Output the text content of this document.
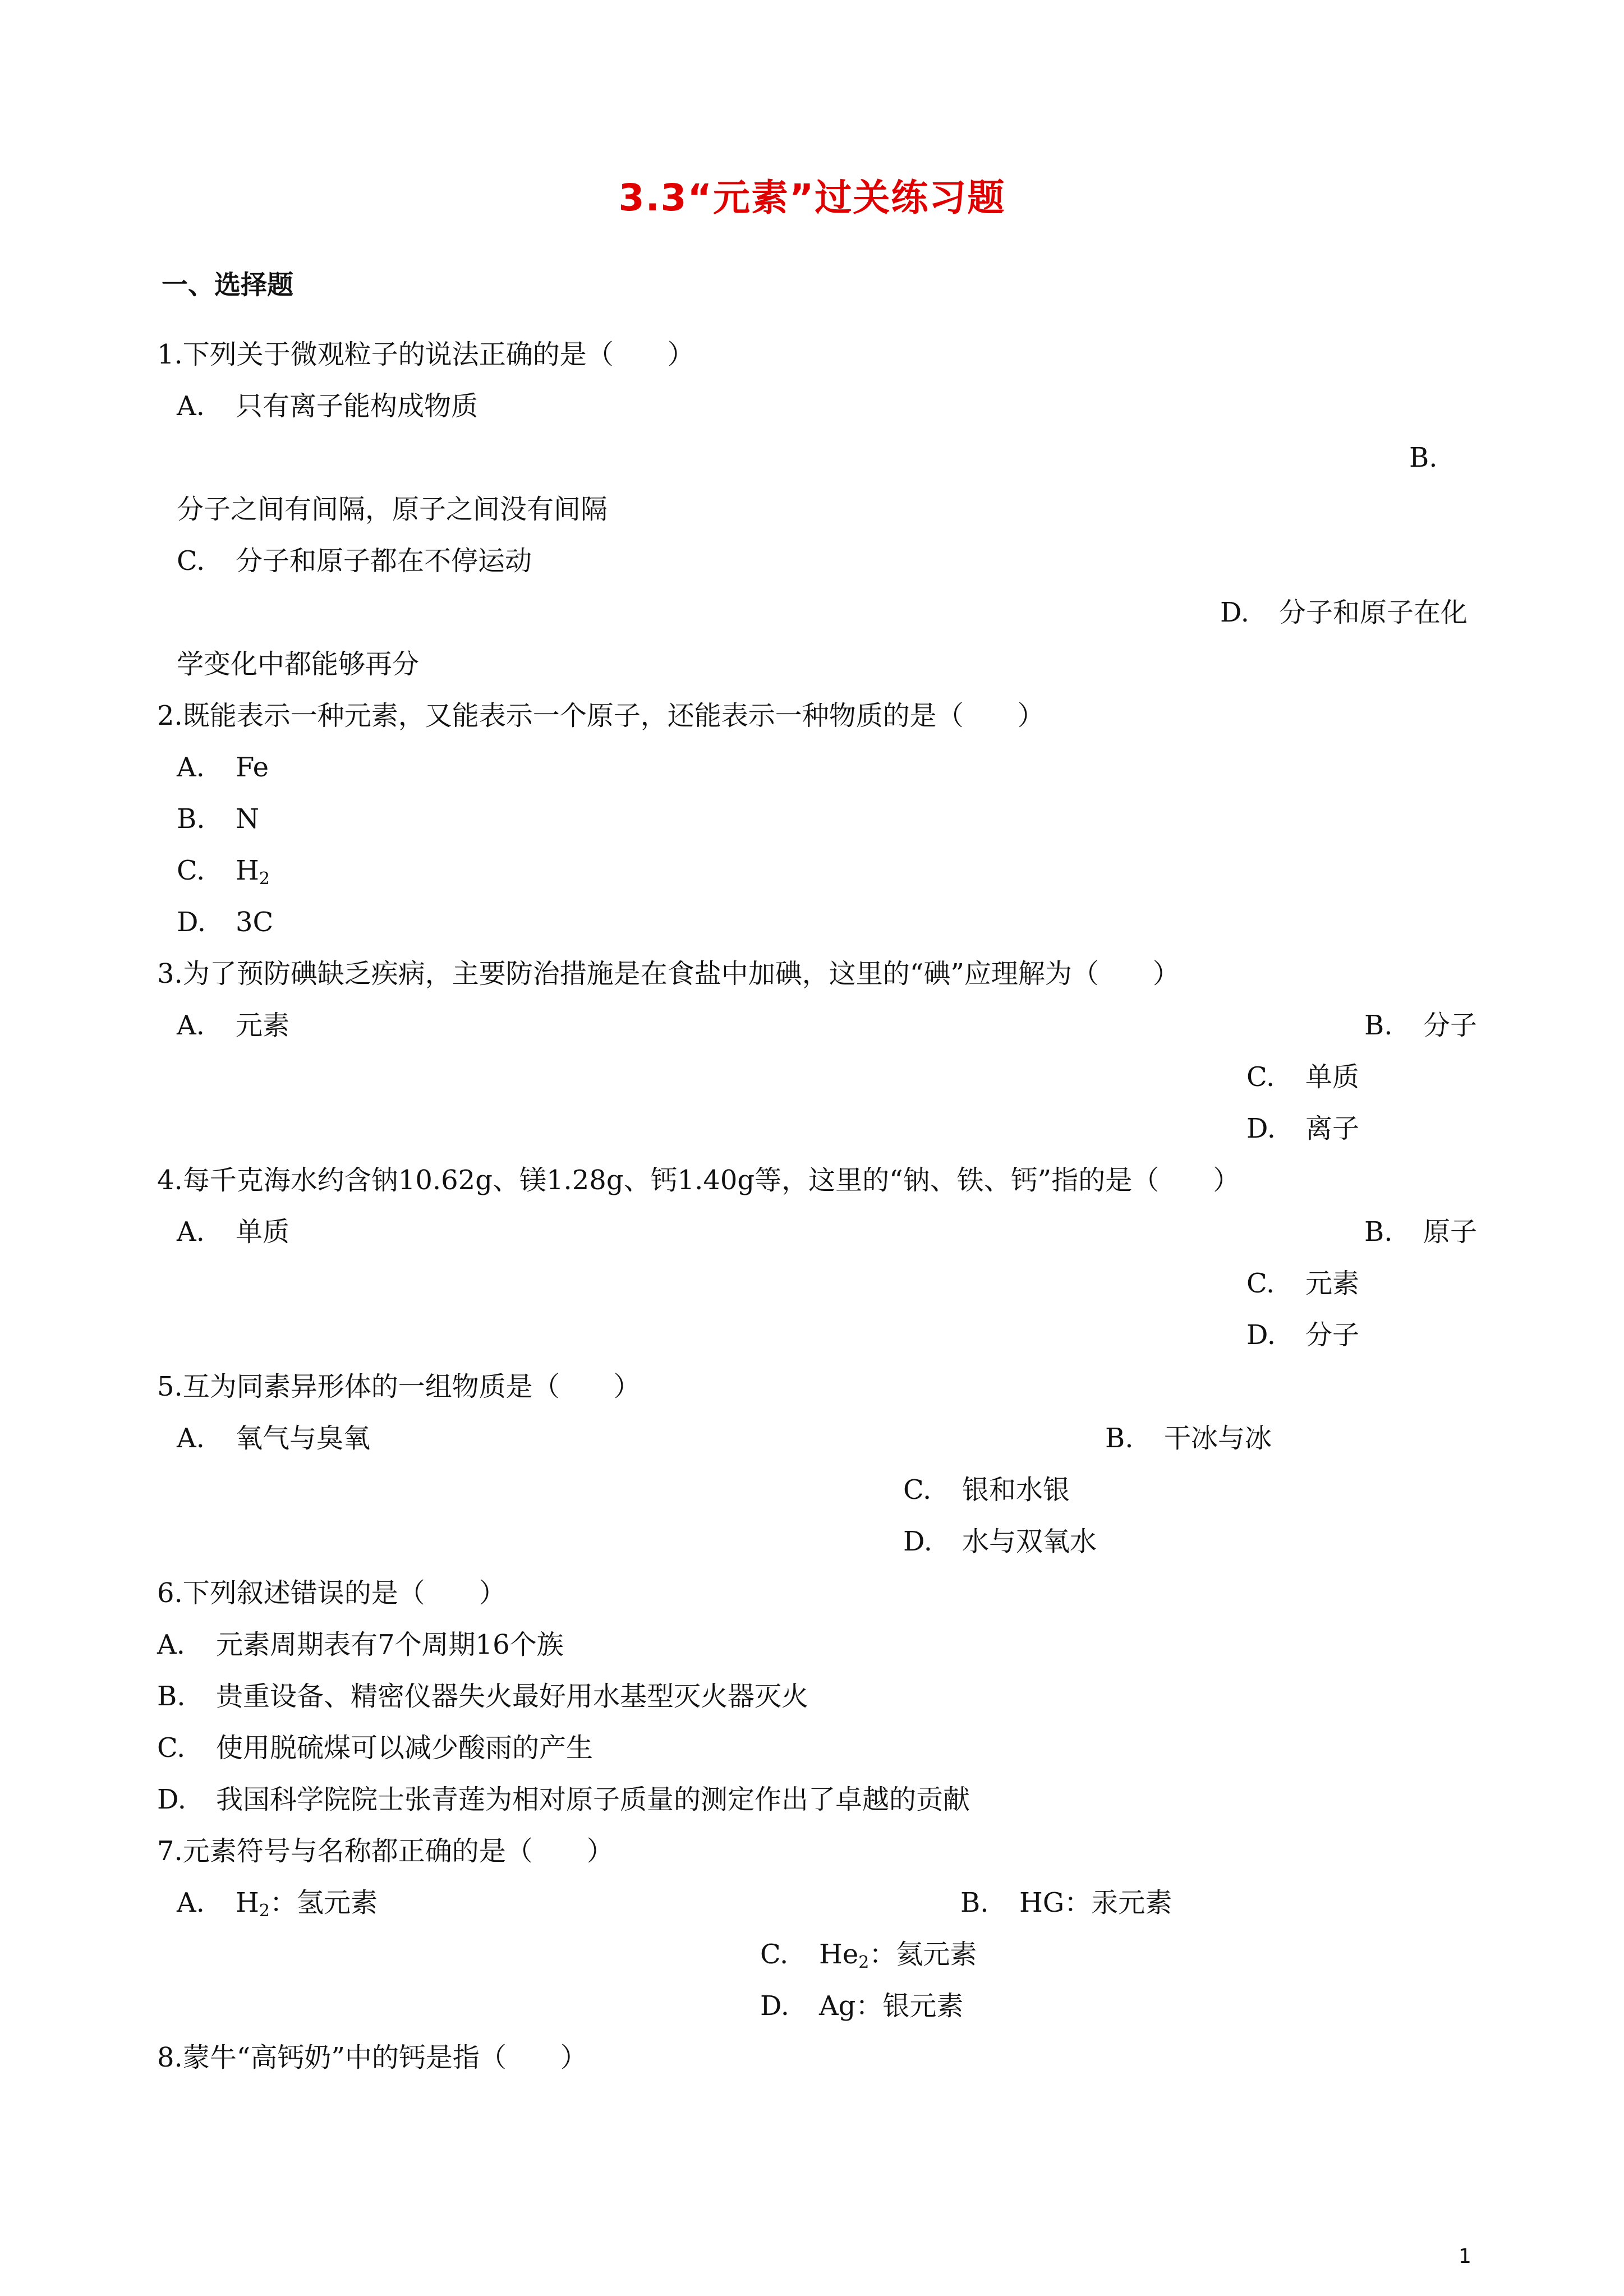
3.3“元素”过关练习题
一、选择题
1.下列关于微观粒子的说法正确的是（　　）
A. 只有离子能构成物质
B.
分子之间有间隔，原子之间没有间隔
C. 分子和原子都在不停运动
D. 分子和原子在化
学变化中都能够再分
2.既能表示一种元素，又能表示一个原子，还能表示一种物质的是（　　）
A. Fe
B. N
C. $H_2$
D. 3C
3.为了预防碘缺乏疾病，主要防治措施是在食盐中加碘，这里的“碘”应理解为（　　）
A. 元素	B. 分子
C. 单质
D. 离子
4.每千克海水约含钠10.62g、镁1.28g、钙1.40g等，这里的“钠、铁、钙”指的是（　　）
A. 单质	B. 原子
C. 元素
D. 分子
5.互为同素异形体的一组物质是（　　）
A. 氧气与臭氧	B. 干冰与冰
C. 银和水银
D. 水与双氧水
6.下列叙述错误的是（　　）
A. 元素周期表有7个周期16个族
B. 贵重设备、精密仪器失火最好用水基型灭火器灭火
C. 使用脱硫煤可以减少酸雨的产生
D. 我国科学院院士张青莲为相对原子质量的测定作出了卓越的贡献
7.元素符号与名称都正确的是（　　）
A. $H_2$：氢元素	B. HG：汞元素
C. $He_2$：氦元素
D. Ag：银元素
8.蒙牛“高钙奶”中的钙是指（　　）
1
